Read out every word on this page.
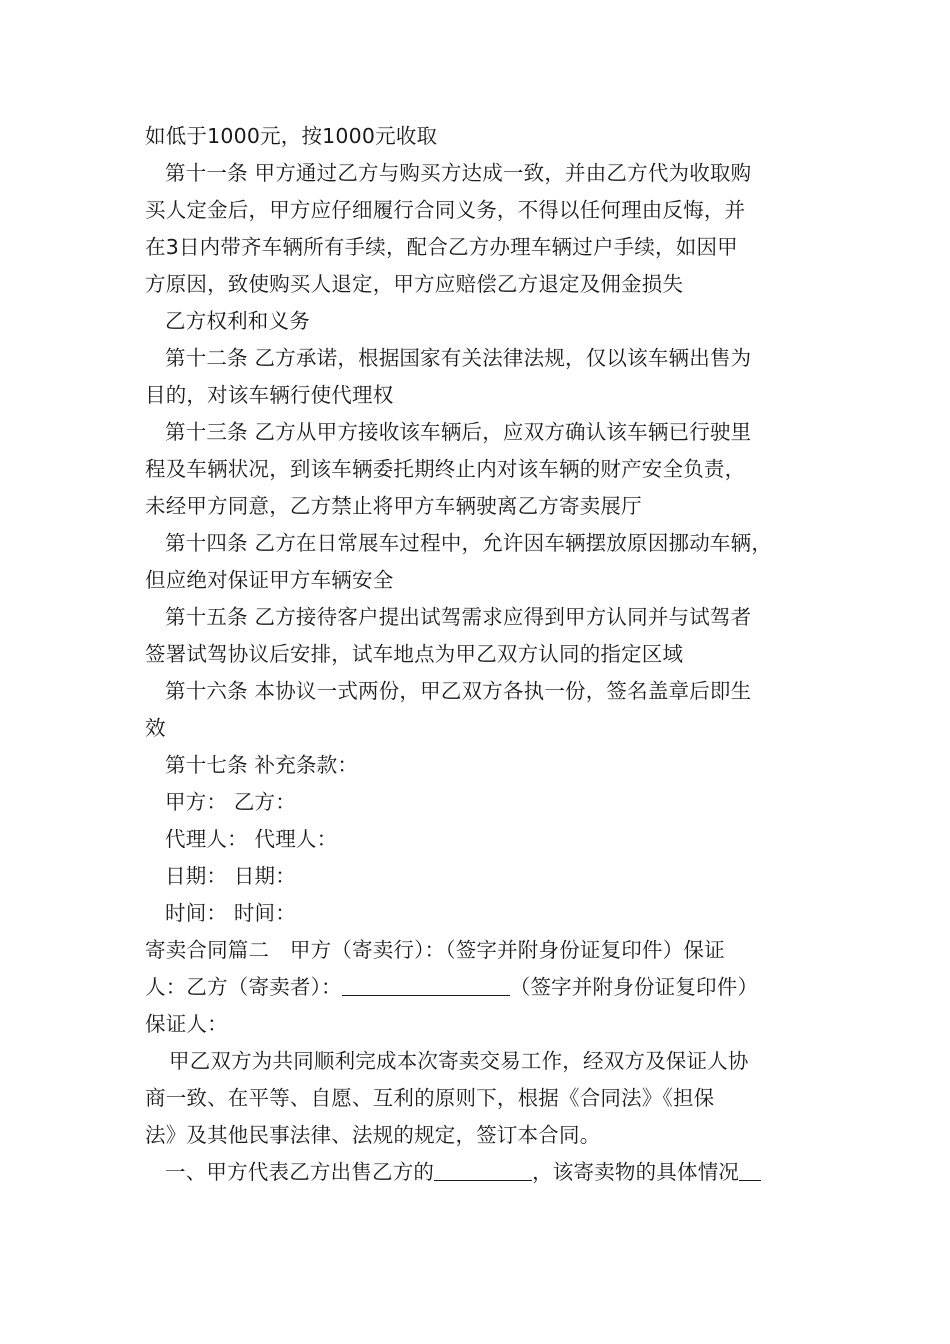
如低于1000元，按1000元收取
第十一条 甲方通过乙方与购买方达成一致，并由乙方代为收取购
买人定金后，甲方应仔细履行合同义务，不得以任何理由反悔，并
在3日内带齐车辆所有手续，配合乙方办理车辆过户手续，如因甲
方原因，致使购买人退定，甲方应赔偿乙方退定及佣金损失
乙方权利和义务
第十二条 乙方承诺，根据国家有关法律法规，仅以该车辆出售为
目的，对该车辆行使代理权
第十三条 乙方从甲方接收该车辆后，应双方确认该车辆已行驶里
程及车辆状况，到该车辆委托期终止内对该车辆的财产安全负责，
未经甲方同意，乙方禁止将甲方车辆驶离乙方寄卖展厅
第十四条 乙方在日常展车过程中，允许因车辆摆放原因挪动车辆，
但应绝对保证甲方车辆安全
第十五条 乙方接待客户提出试驾需求应得到甲方认同并与试驾者
签署试驾协议后安排，试车地点为甲乙双方认同的指定区域
第十六条 本协议一式两份，甲乙双方各执一份，签名盖章后即生
效
第十七条 补充条款：
甲方： 乙方：
代理人： 代理人：
日期： 日期：
时间： 时间：
寄卖合同篇二　甲方（寄卖行）：（签字并附身份证复印件）保证
人：乙方（寄卖者）：	（签字并附身份证复印件）
保证人：
甲乙双方为共同顺利完成本次寄卖交易工作，经双方及保证人协
商一致、在平等、自愿、互利的原则下，根据《合同法》《担保
法》及其他民事法律、法规的规定，签订本合同。
一、甲方代表乙方出售乙方的	，该寄卖物的具体情况
